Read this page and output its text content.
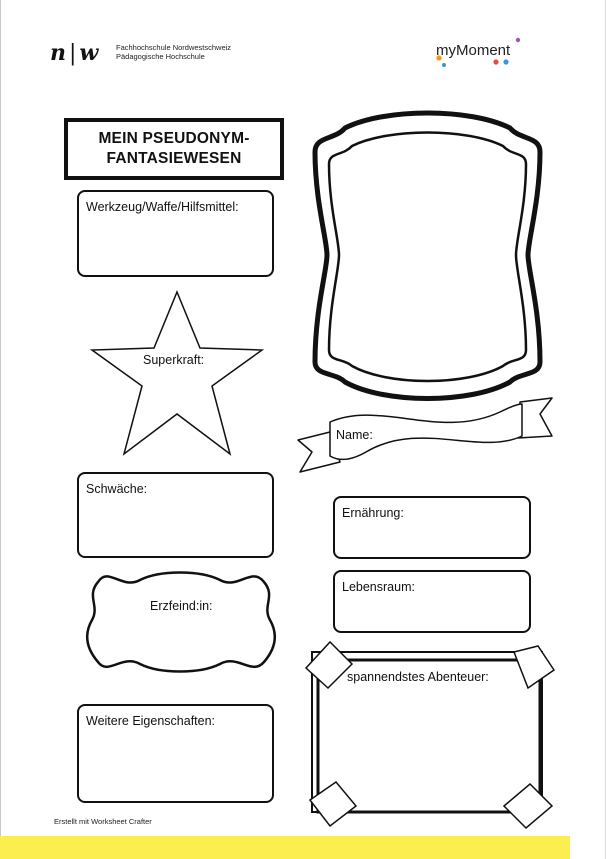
n|w Fachhochschule Nordwestschweiz
Pädagogische Hochschule	myMoment
MEIN PSEUDONYM-
FANTASIEWESEN
Werkzeug/Waffe/Hilfsmittel:
Superkraft:
Name:
Schwäche:
Ernährung:
Erzfeind:in:
Lebensraum:
spannendstes Abenteuer:
Weitere Eigenschaften:
Erstellt mit Worksheet Crafter
